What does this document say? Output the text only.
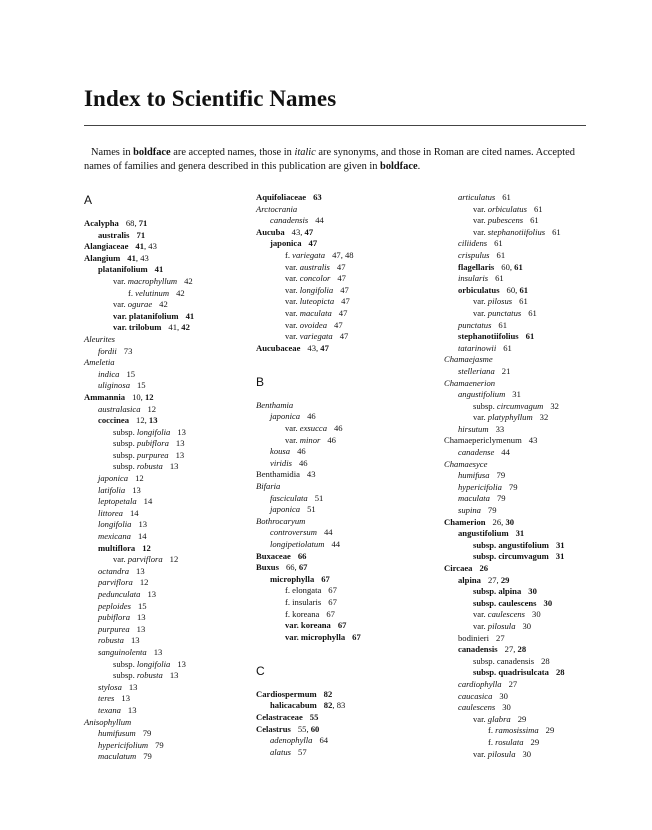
Index to Scientific Names

Names in boldface are accepted names, those in italic are synonyms, and those in Roman are cited names. Accepted names of families and genera described in this publication are given in boldface.

A
Acalypha 68, 71
australis 71
Alangiaceae 41, 43
Alangium 41, 43
platanifolium 41
var. macrophyllum 42
f. velutinum 42
var. ogurae 42
var. platanifolium 41
var. trilobum 41, 42
Aleurites
fordii 73
Ameletia
indica 15
uliginosa 15
Ammannia 10, 12
australasica 12
coccinea 12, 13
subsp. longifolia 13
subsp. pubiflora 13
subsp. purpurea 13
subsp. robusta 13
japonica 12
latifolia 13
leptopetala 14
littorea 14
longifolia 13
mexicana 14
multiflora 12
var. parviflora 12
octandra 13
parviflora 12
pedunculata 13
peploides 15
pubiflora 13
purpurea 13
robusta 13
sanguinolenta 13
subsp. longifolia 13
subsp. robusta 13
stylosa 13
teres 13
texana 13
Anisophyllum
humifusum 79
hypericifolium 79
maculatum 79
Aquifoliaceae 63
Arctocrania
canadensis 44
Aucuba 43, 47
japonica 47
f. variegata 47, 48
var. australis 47
var. concolor 47
var. longifolia 47
var. luteopicta 47
var. maculata 47
var. ovoidea 47
var. variegata 47
Aucubaceae 43, 47
B
Benthamia
japonica 46
var. exsucca 46
var. minor 46
kousa 46
viridis 46
Benthamidia 43
Bifaria
fasciculata 51
japonica 51
Bothrocaryum
controversum 44
longipetiolatum 44
Buxaceae 66
Buxus 66, 67
microphylla 67
f. elongata 67
f. insularis 67
f. koreana 67
var. koreana 67
var. microphylla 67
C
Cardiospermum 82
halicacabum 82, 83
Celastraceae 55
Celastrus 55, 60
adenophylla 64
alatus 57
articulatus 61
var. orbiculatus 61
var. pubescens 61
var. stephanotiifolius 61
ciliidens 61
crispulus 61
flagellaris 60, 61
insularis 61
orbiculatus 60, 61
var. pilosus 61
var. punctatus 61
punctatus 61
stephanotiifolius 61
tatarinowii 61
Chamaejasme
stelleriana 21
Chamaenerion
angustifolium 31
subsp. circumvagum 32
var. platyphyllum 32
hirsutum 33
Chamaepericlymenum 43
canadense 44
Chamaesyce
humifusa 79
hypericifolia 79
maculata 79
supina 79
Chamerion 26, 30
angustifolium 31
subsp. angustifolium 31
subsp. circumvagum 31
Circaea 26
alpina 27, 29
subsp. alpina 30
subsp. caulescens 30
var. caulescens 30
var. pilosula 30
bodinieri 27
canadensis 27, 28
subsp. canadensis 28
subsp. quadrisulcata 28
cardiophylla 27
caucasica 30
caulescens 30
var. glabra 29
f. ramosissima 29
f. rosulata 29
var. pilosula 30
